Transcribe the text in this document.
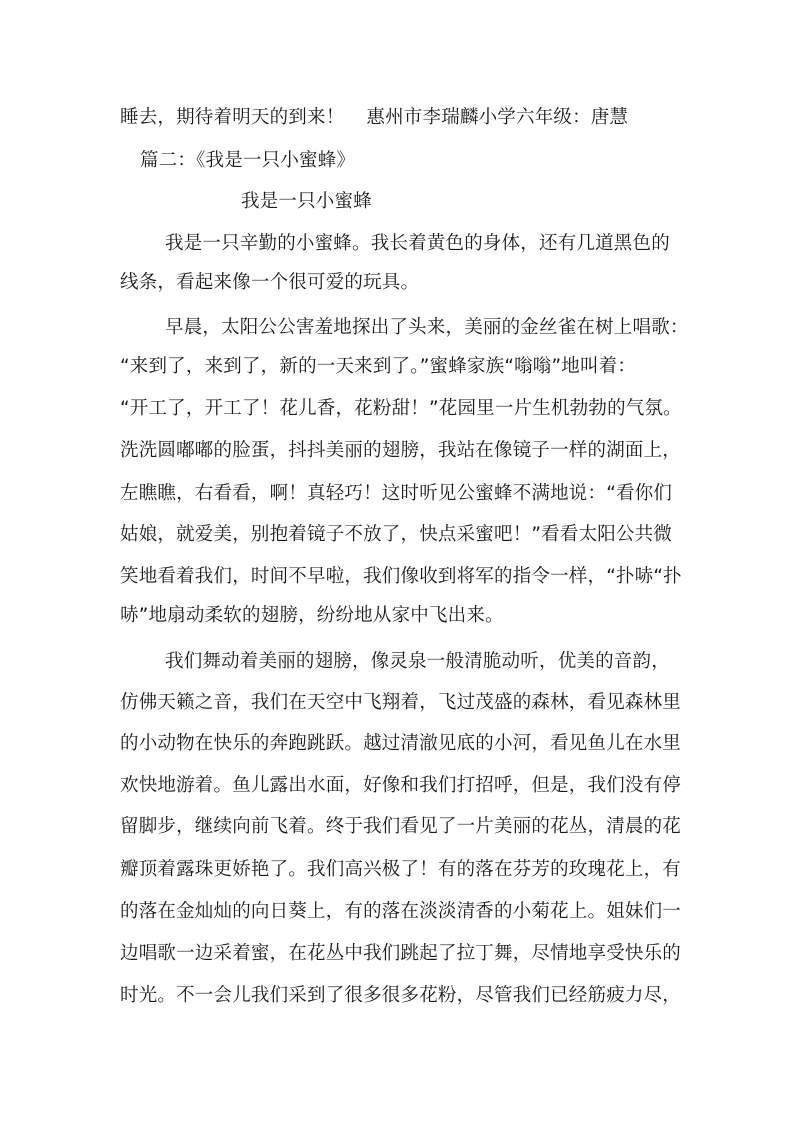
睡去，期待着明天的到来！ 惠州市李瑞麟小学六年级：唐慧
篇二：《我是一只小蜜蜂》
我是一只小蜜蜂
我是一只辛勤的小蜜蜂。我长着黄色的身体，还有几道黑色的
线条，看起来像一个很可爱的玩具。
早晨，太阳公公害羞地探出了头来，美丽的金丝雀在树上唱歌：
“来到了，来到了，新的一天来到了。”蜜蜂家族“嗡嗡”地叫着：
“开工了，开工了！花儿香，花粉甜！”花园里一片生机勃勃的气氛。
洗洗圆嘟嘟的脸蛋，抖抖美丽的翅膀，我站在像镜子一样的湖面上，
左瞧瞧，右看看，啊！真轻巧！这时听见公蜜蜂不满地说：“看你们
姑娘，就爱美，别抱着镜子不放了，快点采蜜吧！”看看太阳公共微
笑地看着我们，时间不早啦，我们像收到将军的指令一样，“扑哧“扑
哧”地扇动柔软的翅膀，纷纷地从家中飞出来。
我们舞动着美丽的翅膀，像灵泉一般清脆动听，优美的音韵，
仿佛天籁之音，我们在天空中飞翔着，飞过茂盛的森林，看见森林里
的小动物在快乐的奔跑跳跃。越过清澈见底的小河，看见鱼儿在水里
欢快地游着。鱼儿露出水面，好像和我们打招呼，但是，我们没有停
留脚步，继续向前飞着。终于我们看见了一片美丽的花丛，清晨的花
瓣顶着露珠更娇艳了。我们高兴极了！有的落在芬芳的玫瑰花上，有
的落在金灿灿的向日葵上，有的落在淡淡清香的小菊花上。姐妹们一
边唱歌一边采着蜜，在花丛中我们跳起了拉丁舞，尽情地享受快乐的
时光。不一会儿我们采到了很多很多花粉，尽管我们已经筋疲力尽，
